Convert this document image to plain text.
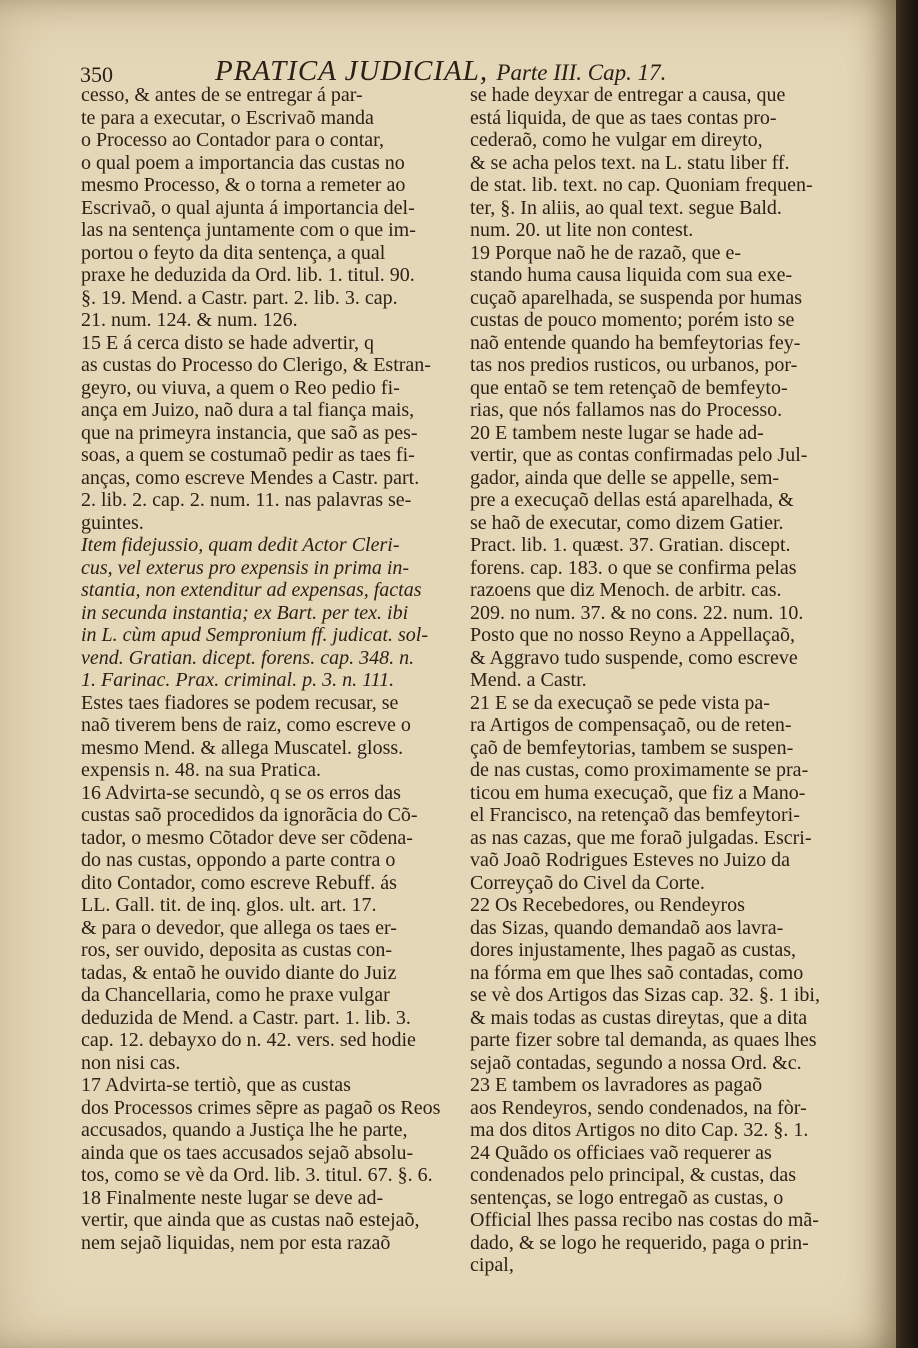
350	PRATICA JUDICIAL, Parte III. Cap. 17.
cesso, & antes de se entregar á par-
te para a executar, o Escrivaõ manda
o Processo ao Contador para o contar,
o qual poem a importancia das custas no
mesmo Processo, & o torna a remeter ao
Escrivaõ, o qual ajunta á importancia del-
las na sentença juntamente com o que im-
portou o feyto da dita sentença, a qual
praxe he deduzida da Ord. lib. 1. titul. 90.
§. 19. Mend. a Castr. part. 2. lib. 3. cap.
21. num. 124. & num. 126.
15 E á cerca disto se hade advertir, q
as custas do Processo do Clerigo, & Estran-
geyro, ou viuva, a quem o Reo pedio fi-
ança em Juizo, naõ dura a tal fiança mais,
que na primeyra instancia, que saõ as pes-
soas, a quem se costumaõ pedir as taes fi-
anças, como escreve Mendes a Castr. part.
2. lib. 2. cap. 2. num. 11. nas palavras se-
guintes.
Item fidejussio, quam dedit Actor Cleri-
cus, vel exterus pro expensis in prima in-
stantia, non extenditur ad expensas, factas
in secunda instantia; ex Bart. per tex. ibi
in L. cùm apud Sempronium ff. judicat. sol-
vend. Gratian. dicept. forens. cap. 348. n.
1. Farinac. Prax. criminal. p. 3. n. 111.
Estes taes fiadores se podem recusar, se
naõ tiverem bens de raiz, como escreve o
mesmo Mend. & allega Muscatel. gloss.
expensis n. 48. na sua Pratica.
16 Advirta-se secundò, q se os erros das
custas saõ procedidos da ignorãcia do Cõ-
tador, o mesmo Cõtador deve ser cõdena-
do nas custas, oppondo a parte contra o
dito Contador, como escreve Rebuff. ás
LL. Gall. tit. de inq. glos. ult. art. 17.
& para o devedor, que allega os taes er-
ros, ser ouvido, deposita as custas con-
tadas, & entaõ he ouvido diante do Juiz
da Chancellaria, como he praxe vulgar
deduzida de Mend. a Castr. part. 1. lib. 3.
cap. 12. debayxo do n. 42. vers. sed hodie
non nisi cas.
17 Advirta-se tertiò, que as custas
dos Processos crimes sẽpre as pagaõ os Reos
accusados, quando a Justiça lhe he parte,
ainda que os taes accusados sejaõ absolu-
tos, como se vè da Ord. lib. 3. titul. 67. §. 6.
18 Finalmente neste lugar se deve ad-
vertir, que ainda que as custas naõ estejaõ,
nem sejaõ liquidas, nem por esta razaõ
se hade deyxar de entregar a causa, que
está liquida, de que as taes contas pro-
cederaõ, como he vulgar em direyto,
& se acha pelos text. na L. statu liber ff.
de stat. lib. text. no cap. Quoniam frequen-
ter, §. In aliis, ao qual text. segue Bald.
num. 20. ut lite non contest.
19 Porque naõ he de razaõ, que e-
stando huma causa liquida com sua exe-
cuçaõ aparelhada, se suspenda por humas
custas de pouco momento; porém isto se
naõ entende quando ha bemfeytorias fey-
tas nos predios rusticos, ou urbanos, por-
que entaõ se tem retençaõ de bemfeyto-
rias, que nós fallamos nas do Processo.
20 E tambem neste lugar se hade ad-
vertir, que as contas confirmadas pelo Jul-
gador, ainda que delle se appelle, sem-
pre a execuçaõ dellas está aparelhada, &
se haõ de executar, como dizem Gatier.
Pract. lib. 1. quæst. 37. Gratian. discept.
forens. cap. 183. o que se confirma pelas
razoens que diz Menoch. de arbitr. cas.
209. no num. 37. & no cons. 22. num. 10.
Posto que no nosso Reyno a Appellaçaõ,
& Aggravo tudo suspende, como escreve
Mend. a Castr.
21 E se da execuçaõ se pede vista pa-
ra Artigos de compensaçaõ, ou de reten-
çaõ de bemfeytorias, tambem se suspen-
de nas custas, como proximamente se pra-
ticou em huma execuçaõ, que fiz a Mano-
el Francisco, na retençaõ das bemfeytori-
as nas cazas, que me foraõ julgadas. Escri-
vaõ Joaõ Rodrigues Esteves no Juizo da
Correyçaõ do Civel da Corte.
22 Os Recebedores, ou Rendeyros
das Sizas, quando demandaõ aos lavra-
dores injustamente, lhes pagaõ as custas,
na fórma em que lhes saõ contadas, como
se vè dos Artigos das Sizas cap. 32. §. 1 ibi,
& mais todas as custas direytas, que a dita
parte fizer sobre tal demanda, as quaes lhes
sejaõ contadas, segundo a nossa Ord. &c.
23 E tambem os lavradores as pagaõ
aos Rendeyros, sendo condenados, na fòr-
ma dos ditos Artigos no dito Cap. 32. §. 1.
24 Quãdo os officiaes vaõ requerer as
condenados pelo principal, & custas, das
sentenças, se logo entregaõ as custas, o
Official lhes passa recibo nas costas do mã-
dado, & se logo he requerido, paga o prin-
cipal,
